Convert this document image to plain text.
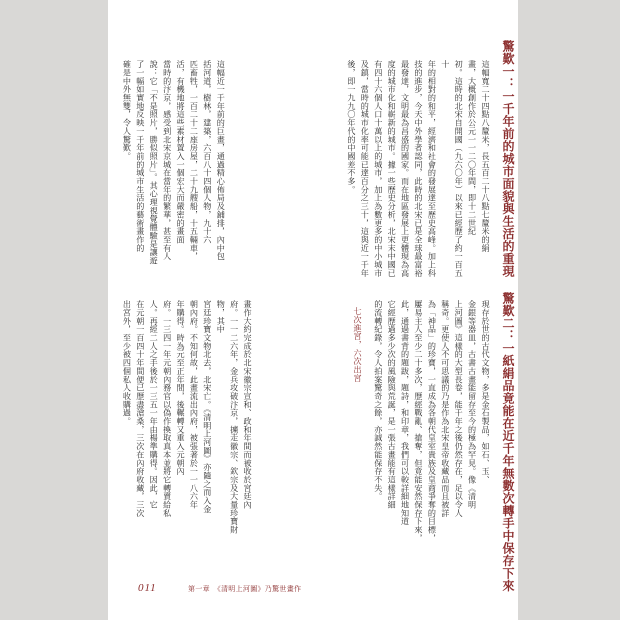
驚歎一：一千年前的城市面貌與生活的重現

這幅寬二十四點八釐米，長五百二十八點七釐米的絹

畫，大概創作於公元一一二〇年間，即十二世紀

初。這時的北宋自開國（九六〇年）以來已經歷了約一百五十

年的相對的和平，經濟和社會的發展達至歷史高峰。加上科

技的進步，今天中外學者認同，此時的北宋已是全球最富裕

最發達，文明最為昌盛的國家。而在地區發展上更體現為高

度的城市化和嶄新的城市。據一些歷史分析，北宋末中國已

有四十六個人口十萬以上的城市，加上為數更多的中小城市

及鎮，當時的城市化率可能已達百分之三十，這與近一千年

後，即一九九〇年代的中國差不多。

這幅近一千年前的巨畫，通過精心佈局及鋪排，內中包

括河道，樹林，建築，六百八十四個人物，九十六

匹畜牲，一百二十二座房屋，二十九艘船，十五輛車，

活，有機地將這些素材置入一個宏大而嚴密的畫面

當時的汴京，感受到北宋京城在當年的繁華，甚至有人

說：它「不是照片，勝似照片」。其心理視覺體驗是讓遊

了一幅如實地反映一千年前的城市生活的藝術畫作的

確是中外無雙，令人驚歎。

驚歎二：一紙絹品竟能在近千年無數次轉手中保存下來

現存於世的古代文物，多是金石製品，如石、玉、

金銀等器皿，古書古畫能留存至今的極為罕見。像《清明

上河圖》這樣的大型長卷，能千年之後仍然存在，足以令人

稱奇。更使人不可思議的乃是作為北宋皇帝收藏品而且被詳

為「神品」的珍寶，一直成為各朝代皇室貴族及皇商爭奪的目標，

屢易主人至少二十多次，歷經戰亂、搶奪，但竟能安然保存下來，

此，通過書背的題跋，題詩，和印章，我們可以較詳細地知道

它經歷過多少次的風險與荒誕，是一張古畫能有這樣詳細

的流轉紀錄，令人拍案驚奇之餘，亦誠然能保存不失。

七次進宮，六次出宮

畫作大約完成於北宋徽宗宣和、政和年間而被收於宮廷內

府。一一二六年，金兵攻破汴京，擄走徽宗、欽宗及大量珍寶財物，其中

宮廷珍寶文物北去，北宋亡。《清明上河圖》亦隨之而入金

朝內府。不知何故，此畫流出內府，被張著於一一八六年

年購得。時為元至正年間，後輾轉又重入元朝內

府。一三四一年元朝內務官以偽作換取真本並將它轉賣給私

人。再經二人之手後於一三五一年由楊準購得。因此，它

在元朝一百四十年間便已歷盡滄桑，三次在內府收藏，三次

出宮外，至少被四個私人收購過。

011	第一章　《清明上河圖》乃驚世畫作
